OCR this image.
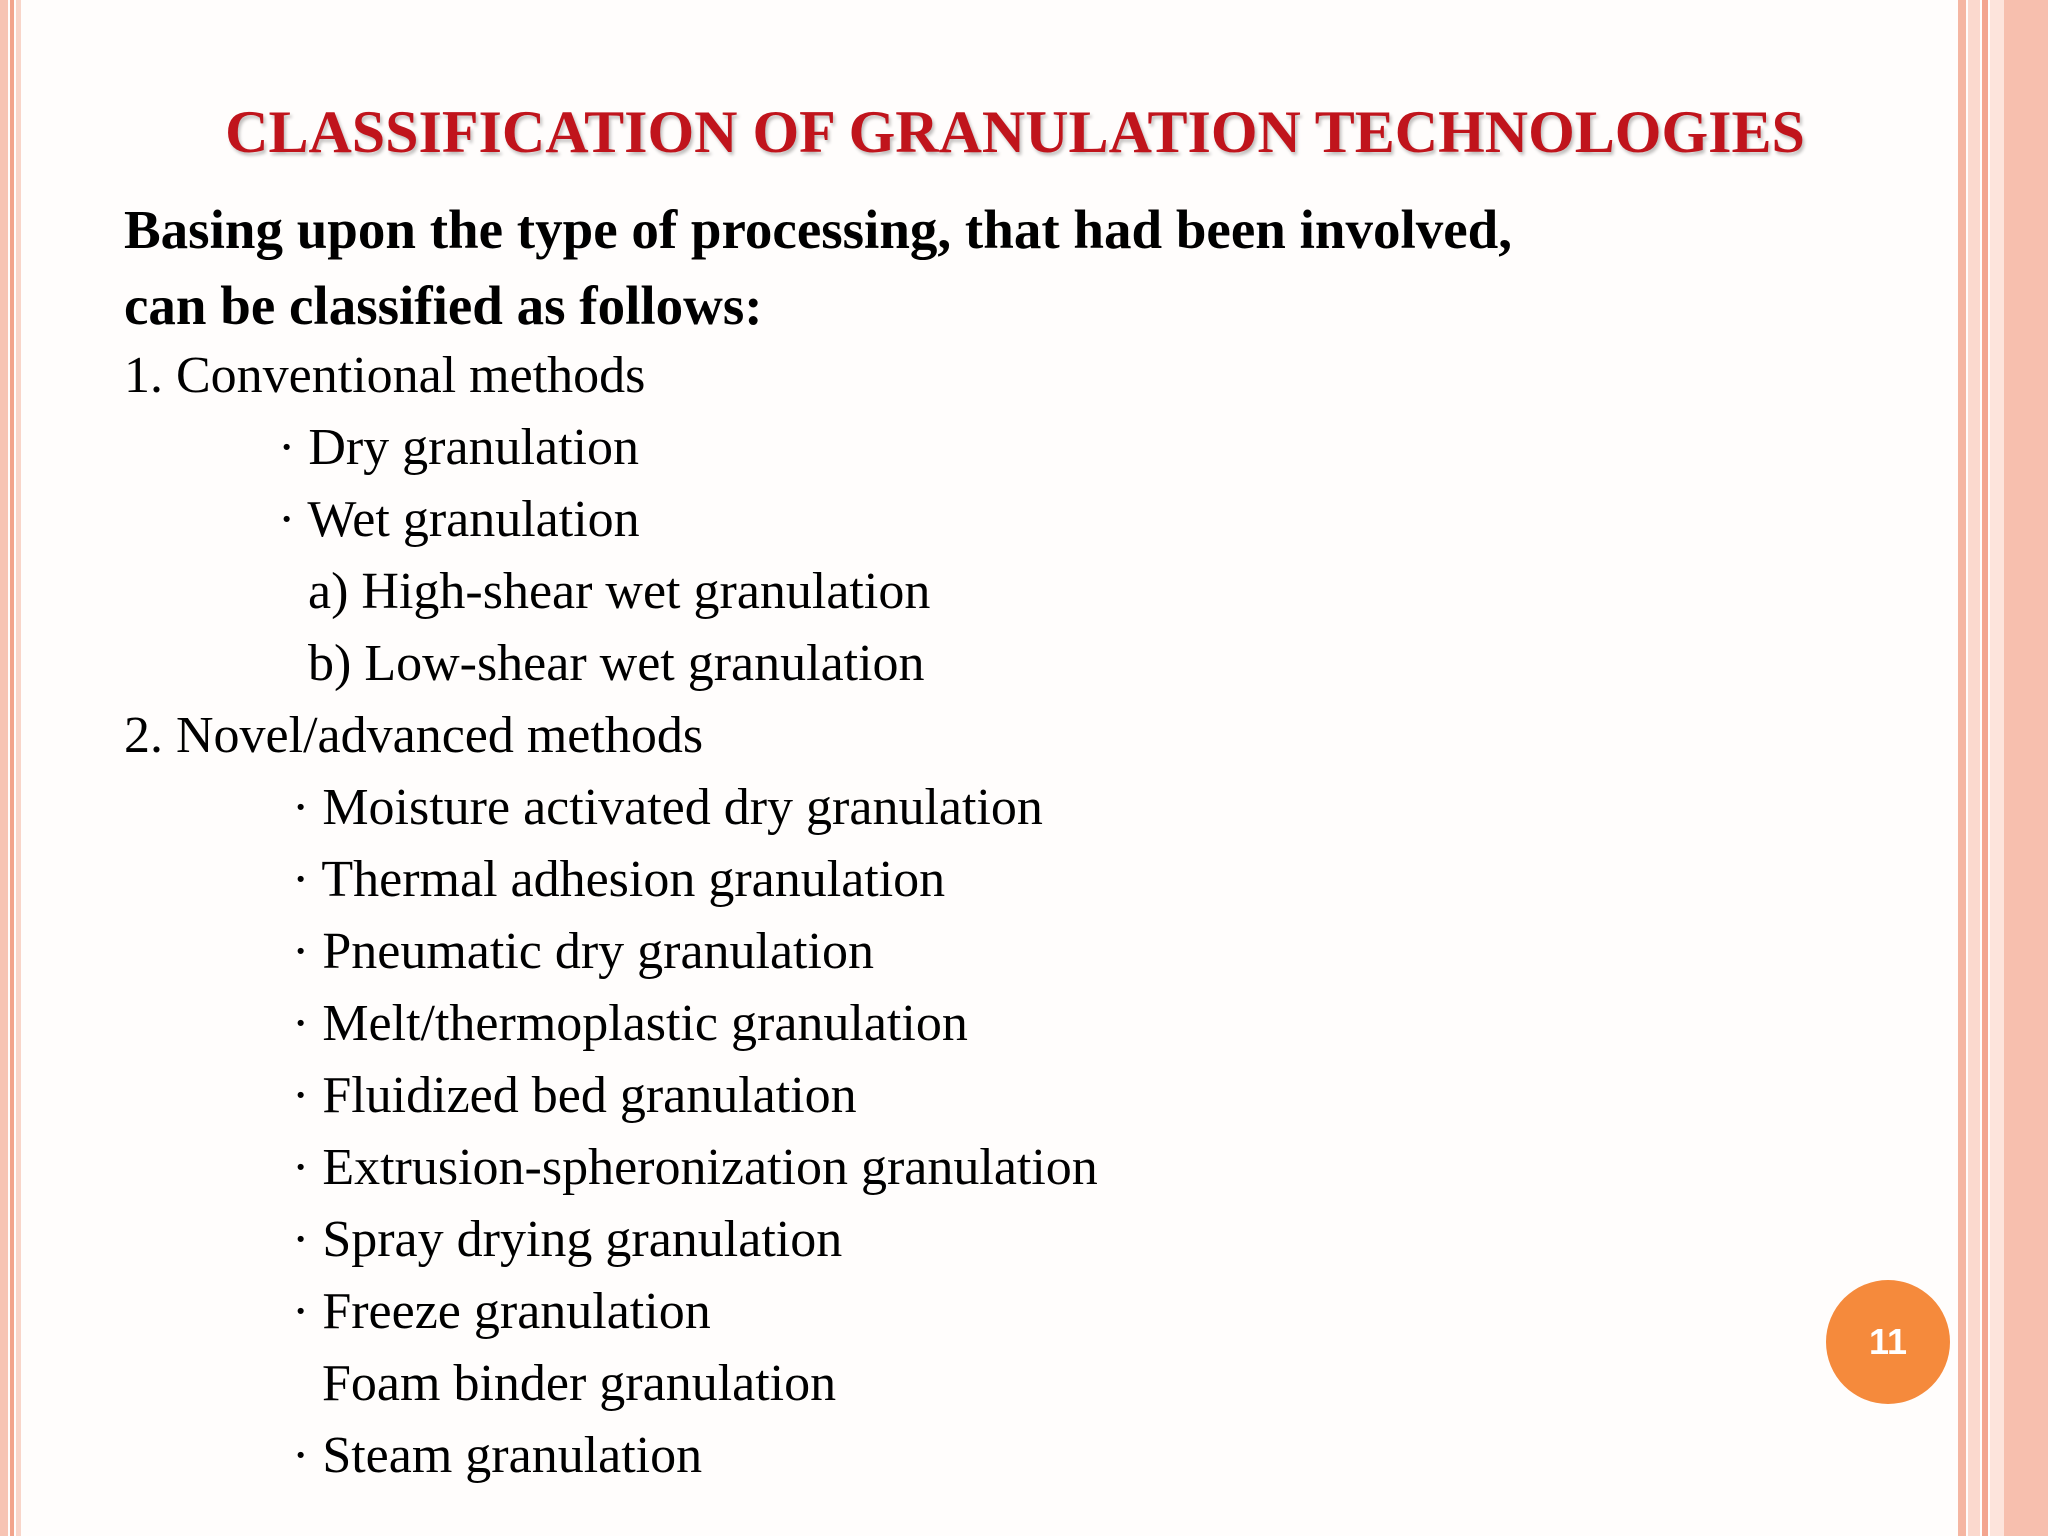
CLASSIFICATION OF GRANULATION TECHNOLOGIES
Basing upon the type of processing, that had been involved,
can be classified as follows:
1. Conventional methods
· Dry granulation
· Wet granulation
a) High-shear wet granulation
b) Low-shear wet granulation
2. Novel/advanced methods
· Moisture activated dry granulation
· Thermal adhesion granulation
· Pneumatic dry granulation
· Melt/thermoplastic granulation
· Fluidized bed granulation
· Extrusion-spheronization granulation
· Spray drying granulation
· Freeze granulation
Foam binder granulation
· Steam granulation
11
